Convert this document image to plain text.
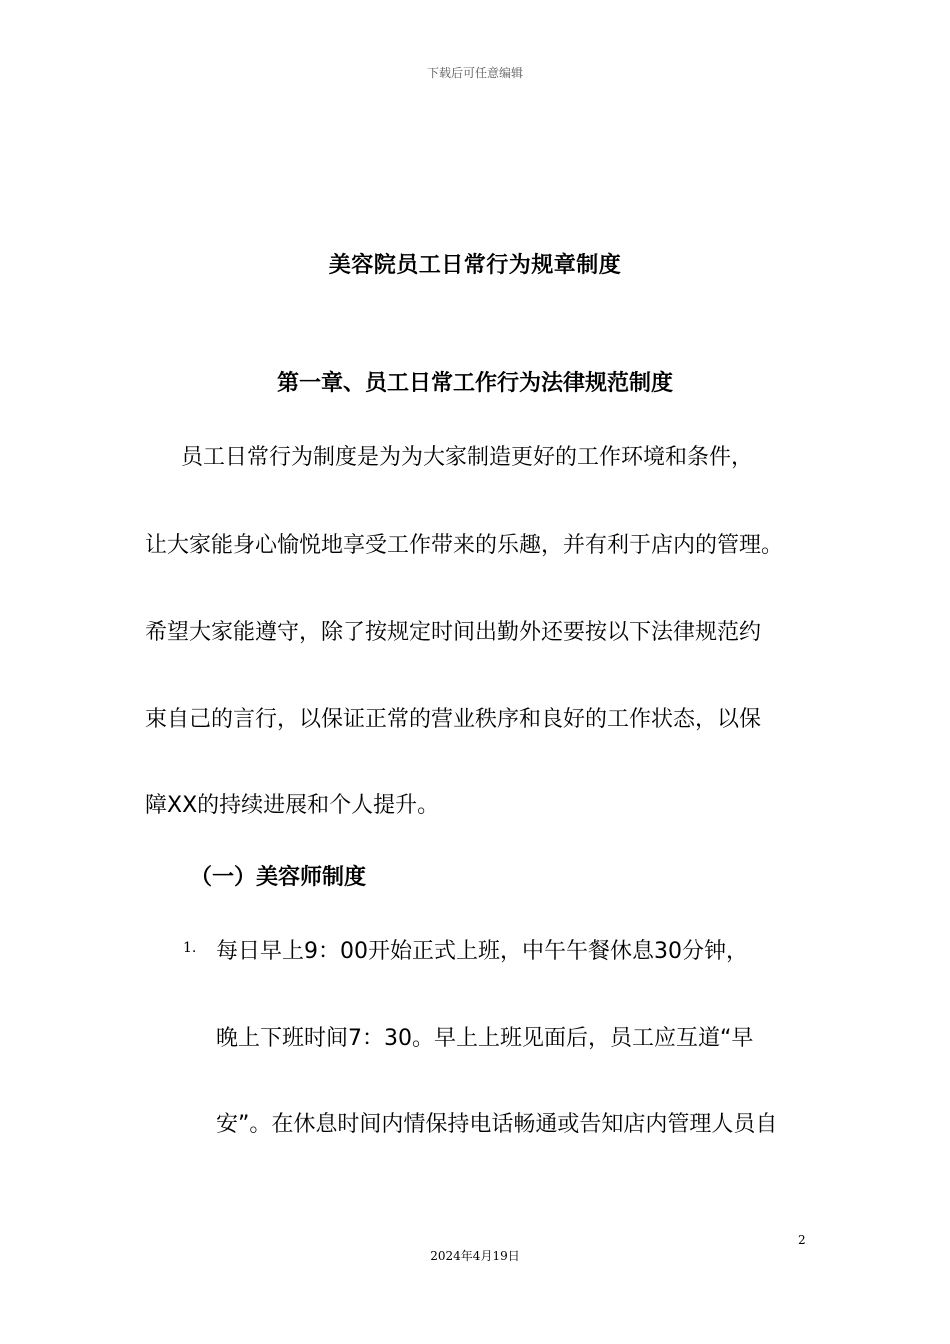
下载后可任意编辑
美容院员工日常行为规章制度
第一章、员工日常工作行为法律规范制度
员工日常行为制度是为为大家制造更好的工作环境和条件，
让大家能身心愉悦地享受工作带来的乐趣，并有利于店内的管理。
希望大家能遵守，除了按规定时间出勤外还要按以下法律规范约
束自己的言行，以保证正常的营业秩序和良好的工作状态，以保
障XX的持续进展和个人提升。
（一）美容师制度
1. 每日早上9：00开始正式上班，中午午餐休息30分钟，
晚上下班时间7：30。早上上班见面后，员工应互道“早
安”。在休息时间内情保持电话畅通或告知店内管理人员自
2
2024年4月19日
